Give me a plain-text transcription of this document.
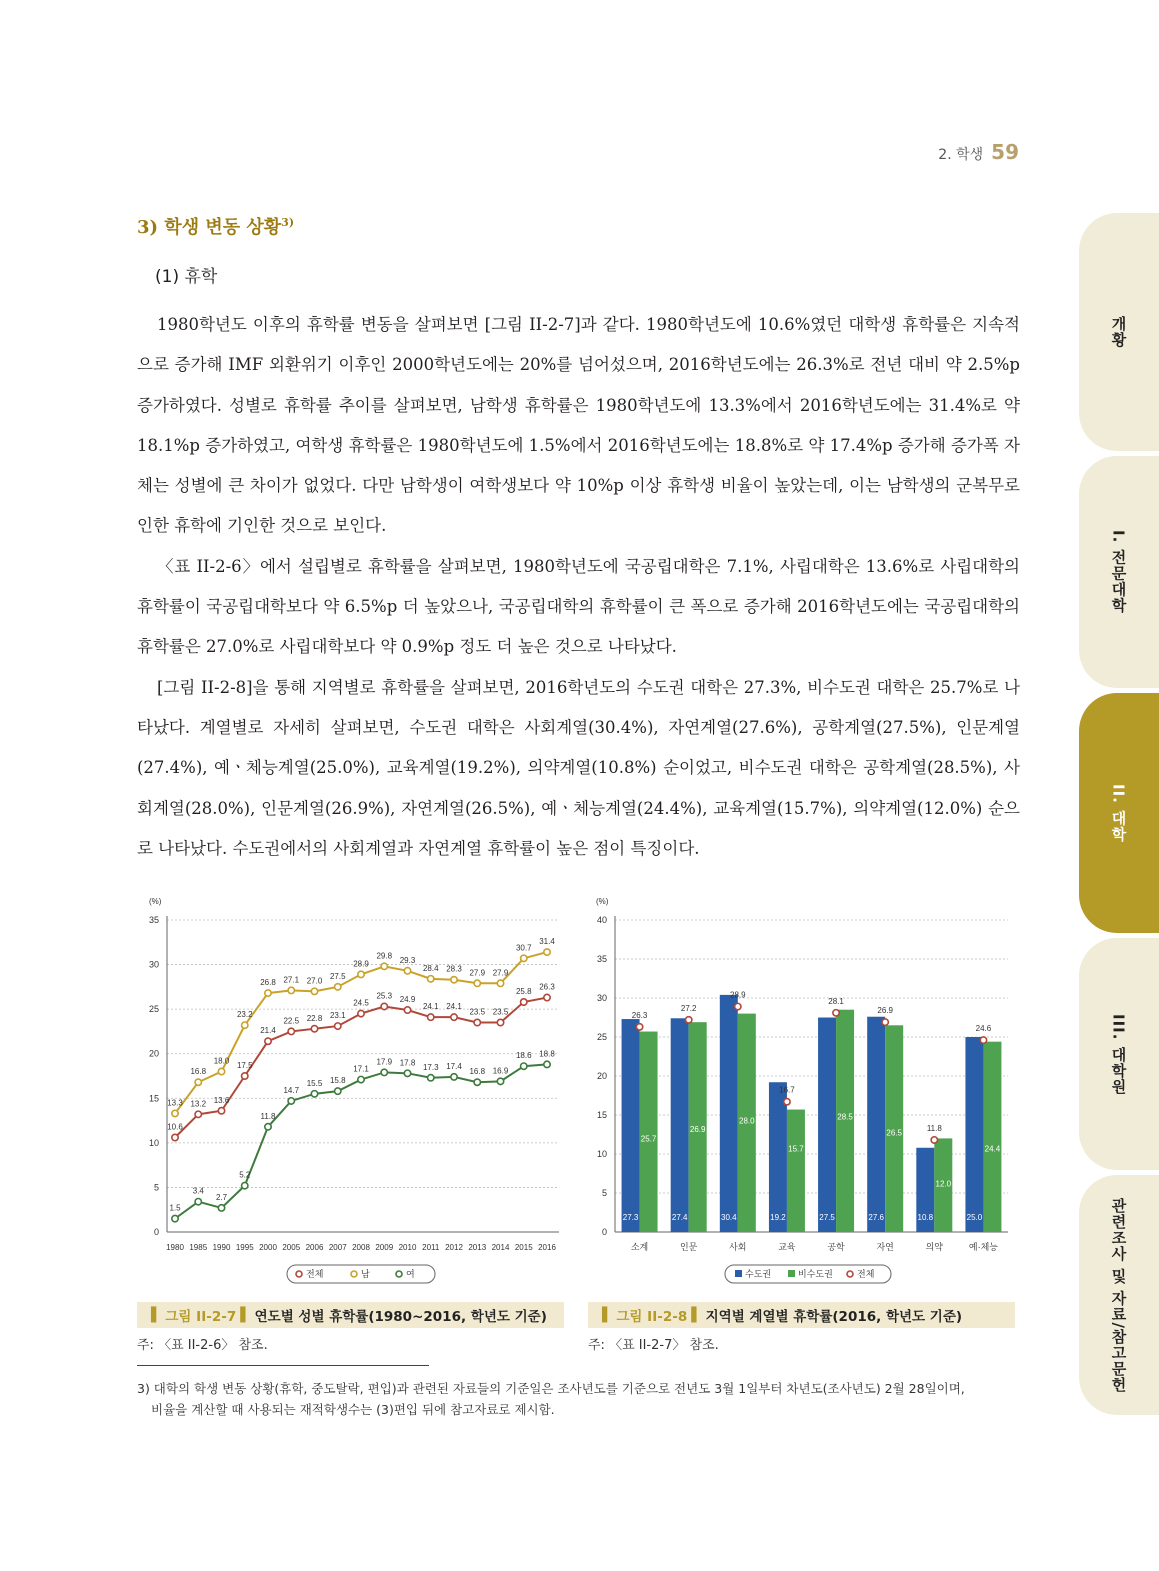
2. 학생 59
3) 학생 변동 상황$^{3)}$
(1) 휴학

1980학년도 이후의 휴학률 변동을 살펴보면 [그림 II-2-7]과 같다. 1980학년도에 10.6%였던 대학생 휴학률은 지속적으로 증가해 IMF 외환위기 이후인 2000학년도에는 20%를 넘어섰으며, 2016학년도에는 26.3%로 전년 대비 약 2.5%p 증가하였다. 성별로 휴학률 추이를 살펴보면, 남학생 휴학률은 1980학년도에 13.3%에서 2016학년도에는 31.4%로 약 18.1%p 증가하였고, 여학생 휴학률은 1980학년도에 1.5%에서 2016학년도에는 18.8%로 약 17.4%p 증가해 증가폭 자체는 성별에 큰 차이가 없었다. 다만 남학생이 여학생보다 약 10%p 이상 휴학생 비율이 높았는데, 이는 남학생의 군복무로 인한 휴학에 기인한 것으로 보인다.

〈표 II-2-6〉에서 설립별로 휴학률을 살펴보면, 1980학년도에 국공립대학은 7.1%, 사립대학은 13.6%로 사립대학의 휴학률이 국공립대학보다 약 6.5%p 더 높았으나, 국공립대학의 휴학률이 큰 폭으로 증가해 2016학년도에는 국공립대학의 휴학률은 27.0%로 사립대학보다 약 0.9%p 정도 더 높은 것으로 나타났다.

[그림 II-2-8]을 통해 지역별로 휴학률을 살펴보면, 2016학년도의 수도권 대학은 27.3%, 비수도권 대학은 25.7%로 나타났다. 계열별로 자세히 살펴보면, 수도권 대학은 사회계열(30.4%), 자연계열(27.6%), 공학계열(27.5%), 인문계열(27.4%), 예ㆍ체능계열(25.0%), 교육계열(19.2%), 의약계열(10.8%) 순이었고, 비수도권 대학은 공학계열(28.5%), 사회계열(28.0%), 인문계열(26.9%), 자연계열(26.5%), 예ㆍ체능계열(24.4%), 교육계열(15.7%), 의약계열(12.0%) 순으로 나타났다. 수도권에서의 사회계열과 자연계열 휴학률이 높은 점이 특징이다.

개황
I. 전문대학
II. 대학
III. 대학원
관련조사 및 자료/참고문헌
(%)
0
5
10
15
20
25
30
35
1980 1985 1990 1995 2000 2005 2006 2007 2008 2009 2010 2011 2012 2013 2014 2015 2016
10.6
13.2 13.6
17.5
21.4
22.5 22.8 23.1
24.5
25.3 24.9
24.1 24.1
23.5 23.5
25.8 26.3
13.3
16.8
18.0
23.2
26.8 27.1 27.0 27.5
28.9
29.8 29.3
28.4 28.3 27.9 27.9
30.7
31.4
1.5
3.4
2.7
5.2
11.8
14.7
15.5 15.8
17.1
17.9 17.8 17.3 17.4
16.8 16.9
18.6 18.8
전체	남	여
(%)
0
5
10
15
20
25
30
35
40
27.3
25.7
26.3
소계
27.4
26.9
27.2
인문
30.4
28.0
28.9
사회
19.2
15.7
16.7
교육
27.5
28.5
28.1
공학
27.6
26.5
26.9
자연
10.8
12.0
11.8
의약
25.0
24.4
24.6
예·체능
수도권	비수도권	전체
▌ 그림 II-2-7 ▌ 연도별 성별 휴학률(1980~2016, 학년도 기준)
주: 〈표 II-2-6〉 참조.
▌ 그림 II-2-8 ▌ 지역별 계열별 휴학률(2016, 학년도 기준)
주: 〈표 II-2-7〉 참조.
3) 대학의 학생 변동 상황(휴학, 중도탈락, 편입)과 관련된 자료들의 기준일은 조사년도를 기준으로 전년도 3월 1일부터 차년도(조사년도) 2월 28일이며,
비율을 계산할 때 사용되는 재적학생수는 (3)편입 뒤에 참고자료로 제시함.
